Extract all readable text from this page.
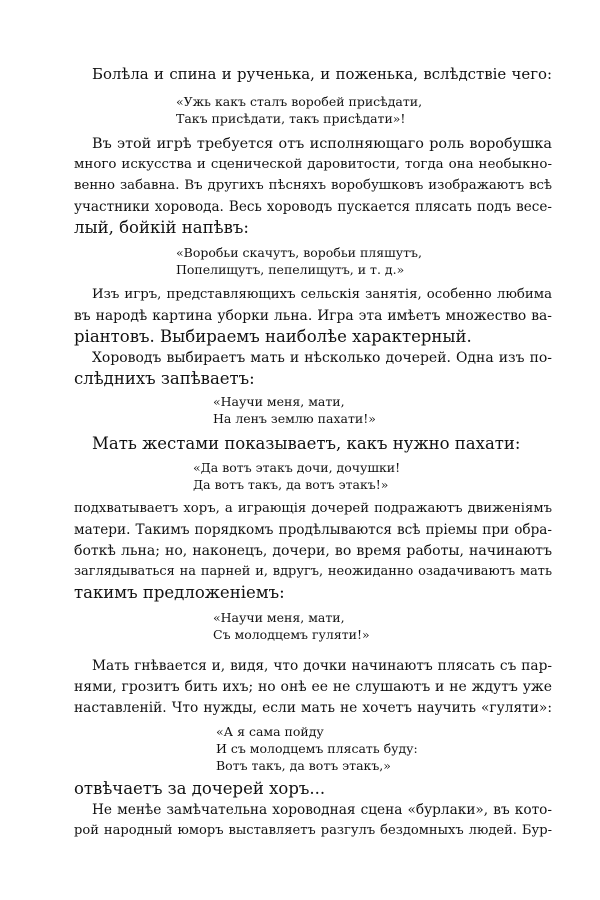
Болѣла и спина и рученька, и поженька, вслѣдствіе чего:
«Ужь какъ сталъ воробей присѣдати,
Такъ присѣдати, такъ присѣдати»!
Въ этой игрѣ требуется отъ исполняющаго роль воробушка
много искусства и сценической даровитости, тогда она необыкно-
венно забавна. Въ другихъ пѣсняхъ воробушковъ изображаютъ всѣ
участники хоровода. Весь хороводъ пускается плясать подъ весе-
лый, бойкій напѣвъ:
«Воробьи скачутъ, воробьи пляшутъ,
Попелищутъ, пепелищутъ, и т. д.»
Изъ игръ, представляющихъ сельскія занятія, особенно любима
въ народѣ картина уборки льна. Игра эта имѣетъ множество ва-
ріантовъ. Выбираемъ наиболѣе характерный.
Хороводъ выбираетъ мать и нѣсколько дочерей. Одна изъ по-
слѣднихъ запѣваетъ:
«Научи меня, мати,
На ленъ землю пахати!»
Мать жестами показываетъ, какъ нужно пахати:
«Да вотъ этакъ дочи, дочушки!
Да вотъ такъ, да вотъ этакъ!»
подхватываетъ хоръ, а играющія дочерей подражаютъ движеніямъ
матери. Такимъ порядкомъ продѣлываются всѣ пріемы при обра-
боткѣ льна; но, наконецъ, дочери, во время работы, начинаютъ
заглядываться на парней и, вдругъ, неожиданно озадачиваютъ мать
такимъ предложеніемъ:
«Научи меня, мати,
Съ молодцемъ гуляти!»
Мать гнѣвается и, видя, что дочки начинаютъ плясать съ пар-
нями, грозитъ бить ихъ; но онѣ ее не слушаютъ и не ждутъ уже
наставленій. Что нужды, если мать не хочетъ научить «гуляти»:
«А я сама пойду
И съ молодцемъ плясать буду:
Вотъ такъ, да вотъ этакъ,»
отвѣчаетъ за дочерей хоръ...
Не менѣе замѣчательна хороводная сцена «бурлаки», въ кото-
рой народный юморъ выставляетъ разгулъ бездомныхъ людей. Бур-
